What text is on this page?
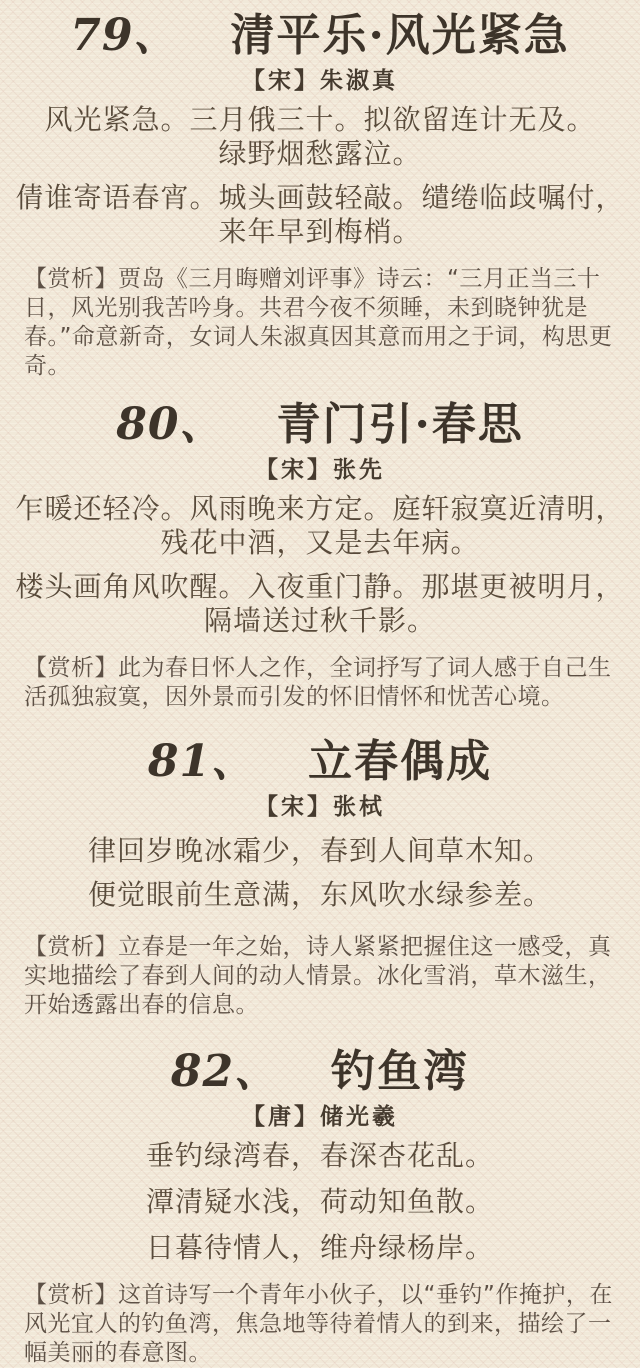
79、 清平乐·风光紧急
【宋】朱淑真

风光紧急。三月俄三十。拟欲留连计无及。

绿野烟愁露泣。

倩谁寄语春宵。城头画鼓轻敲。缱绻临歧嘱付，

来年早到梅梢。

【赏析】贾岛《三月晦赠刘评事》诗云：“三月正当三十日，风光别我苦吟身。共君今夜不须睡，未到晓钟犹是春。”命意新奇，女词人朱淑真因其意而用之于词，构思更奇。

80、 青门引·春思
【宋】张先

乍暖还轻冷。风雨晚来方定。庭轩寂寞近清明，

残花中酒，又是去年病。

楼头画角风吹醒。入夜重门静。那堪更被明月，

隔墙送过秋千影。

【赏析】此为春日怀人之作，全词抒写了词人感于自己生活孤独寂寞，因外景而引发的怀旧情怀和忧苦心境。

81、 立春偶成
【宋】张栻

律回岁晚冰霜少，春到人间草木知。

便觉眼前生意满，东风吹水绿参差。

【赏析】立春是一年之始，诗人紧紧把握住这一感受，真实地描绘了春到人间的动人情景。冰化雪消，草木滋生，开始透露出春的信息。

82、 钓鱼湾
【唐】储光羲

垂钓绿湾春，春深杏花乱。

潭清疑水浅，荷动知鱼散。

日暮待情人，维舟绿杨岸。

【赏析】这首诗写一个青年小伙子，以“垂钓”作掩护，在风光宜人的钓鱼湾，焦急地等待着情人的到来，描绘了一幅美丽的春意图。
